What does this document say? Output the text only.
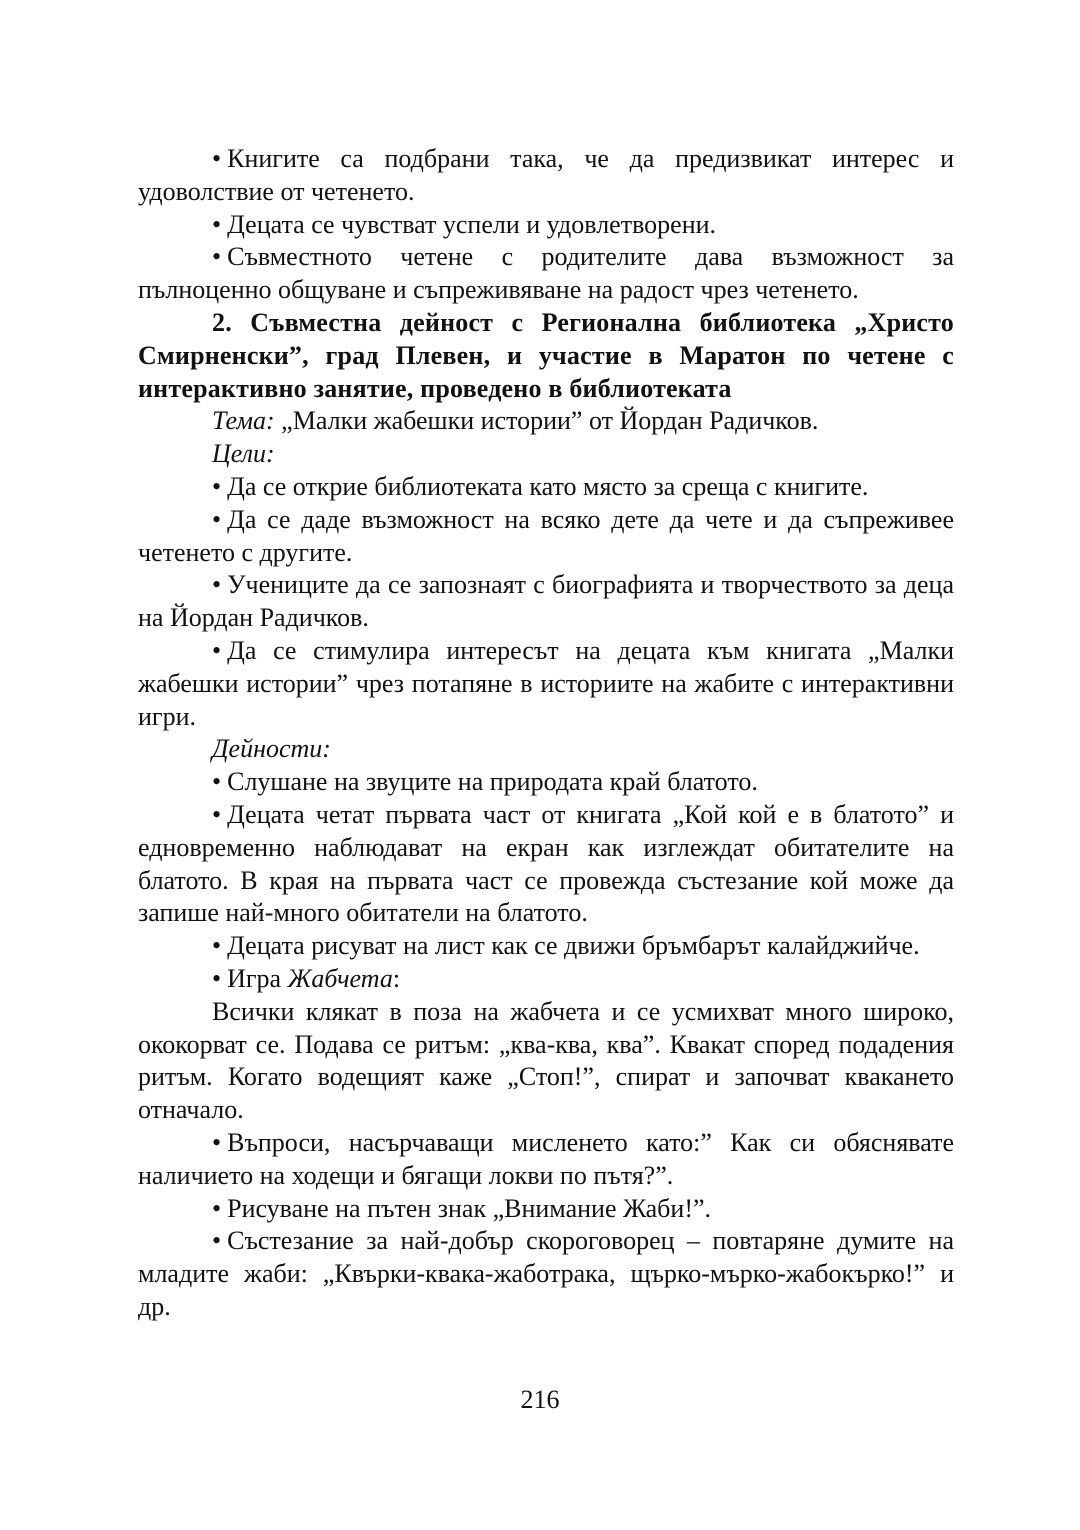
• Книгите са подбрани така, че да предизвикат интерес и удоволствие от четенето.

• Децата се чувстват успели и удовлетворени.

• Съвместното четене с родителите дава възможност за пълноценно общуване и съпреживяване на радост чрез четенето.

2. Съвместна дейност с Регионална библиотека „Христо Смирненски”, град Плевен, и участие в Маратон по четене с интерактивно занятие, проведено в библиотеката

Тема: „Малки жабешки истории” от Йордан Радичков.

Цели:

• Да се открие библиотеката като място за среща с книгите.

• Да се даде възможност на всяко дете да чете и да съпреживее четенето с другите.

• Учениците да се запознаят с биографията и творчеството за деца на Йордан Радичков.

• Да се стимулира интересът на децата към книгата „Малки жабешки истории” чрез потапяне в историите на жабите с интерактивни игри.

Дейности:

• Слушане на звуците на природата край блатото.

• Децата четат първата част от книгата „Кой кой е в блатото” и едновременно наблюдават на екран как изглеждат обитателите на блатото. В края на първата част се провежда състезание кой може да запише най-много обитатели на блатото.

• Децата рисуват на лист как се движи бръмбарът калайджийче.

• Игра Жабчета:

Всички клякат в поза на жабчета и се усмихват много широко, ококорват се. Подава се ритъм: „ква-ква, ква”. Квакат според подадения ритъм. Когато водещият каже „Стоп!”, спират и започват квакането отначало.

• Въпроси, насърчаващи мисленето като:” Как си обяснявате наличието на ходещи и бягащи локви по пътя?”.

• Рисуване на пътен знак „Внимание Жаби!”.

• Състезание за най-добър скороговорец – повтаряне думите на младите жаби: „Квърки-квака-жаботрака, щърко-мърко-жабокърко!” и др.

216
